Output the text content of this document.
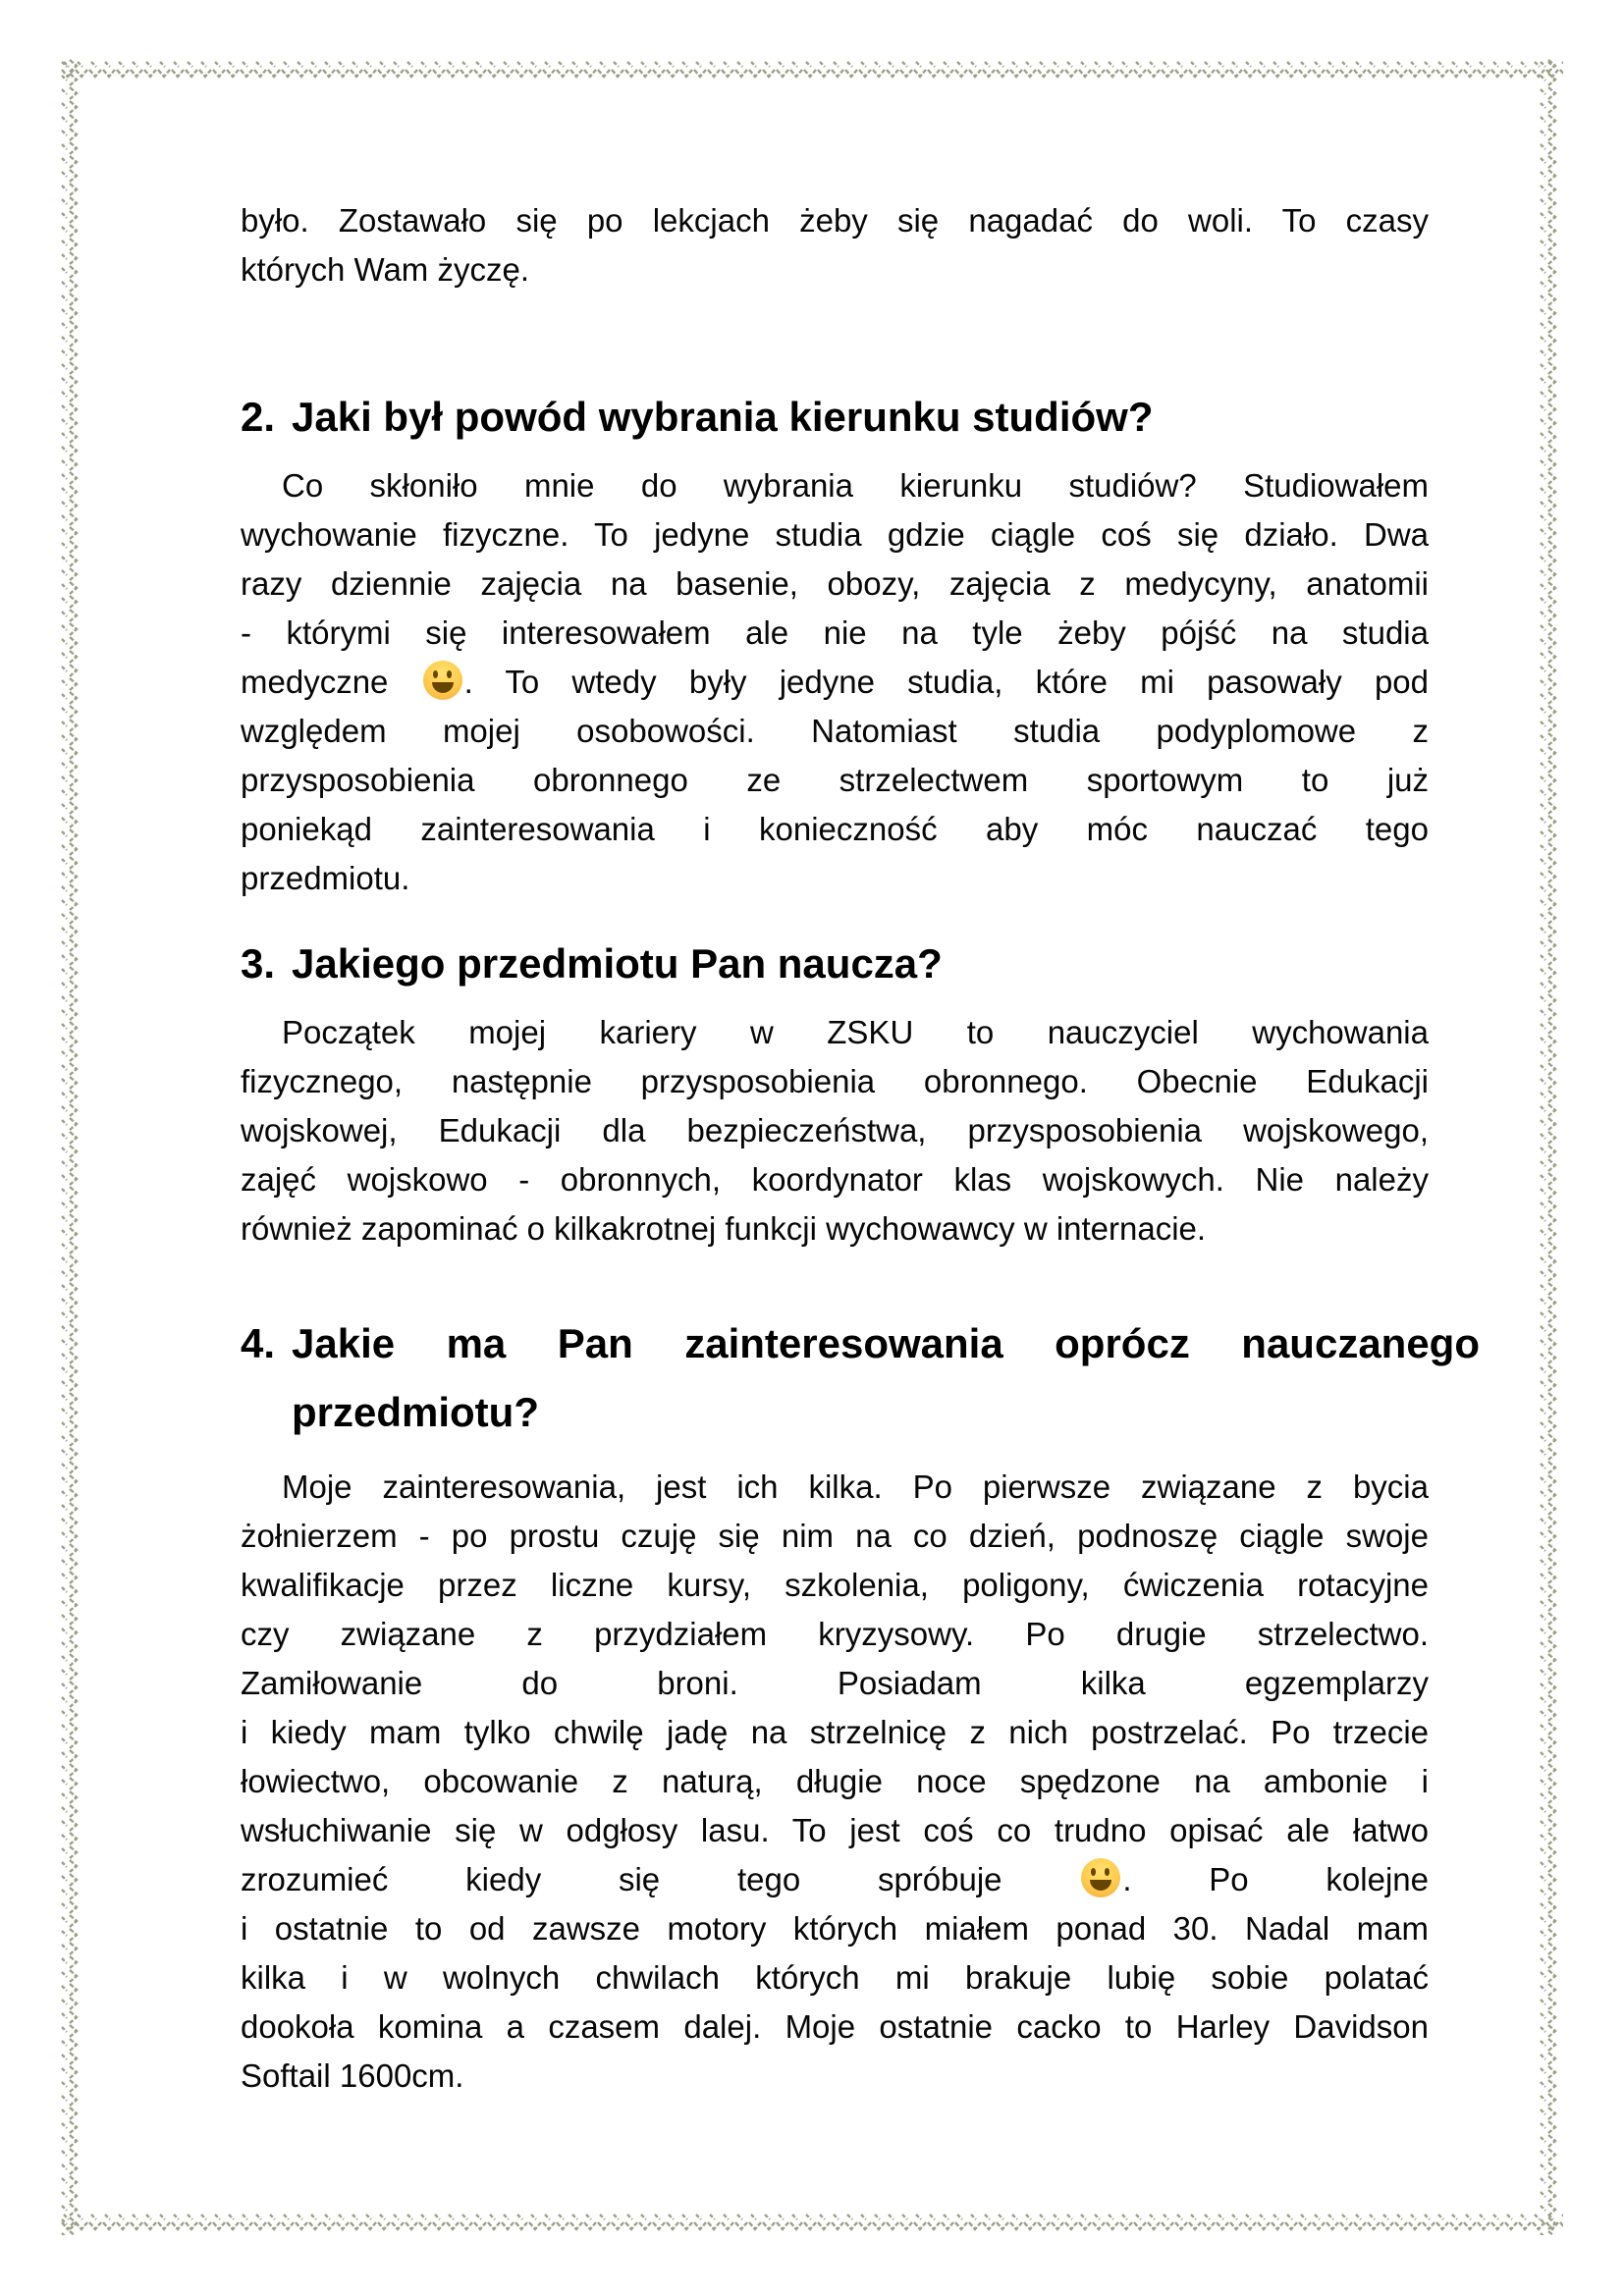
było. Zostawało się po lekcjach żeby się nagadać do woli. To czasy
których Wam życzę.
2. Jaki był powód wybrania kierunku studiów?
Co skłoniło mnie do wybrania kierunku studiów? Studiowałem
wychowanie fizyczne. To jedyne studia gdzie ciągle coś się działo. Dwa
razy dziennie zajęcia na basenie, obozy, zajęcia z medycyny, anatomii
- którymi się interesowałem ale nie na tyle żeby pójść na studia
medyczne . To wtedy były jedyne studia, które mi pasowały pod
względem mojej osobowości. Natomiast studia podyplomowe z
przysposobienia obronnego ze strzelectwem sportowym to już
poniekąd zainteresowania i konieczność aby móc nauczać tego
przedmiotu.
3. Jakiego przedmiotu Pan naucza?
Początek mojej kariery w ZSKU to nauczyciel wychowania
fizycznego, następnie przysposobienia obronnego. Obecnie Edukacji
wojskowej, Edukacji dla bezpieczeństwa, przysposobienia wojskowego,
zajęć wojskowo - obronnych, koordynator klas wojskowych. Nie należy
również zapominać o kilkakrotnej funkcji wychowawcy w internacie.
4. Jakie ma Pan zainteresowania oprócz nauczanego
przedmiotu?
Moje zainteresowania, jest ich kilka. Po pierwsze związane z bycia
żołnierzem - po prostu czuję się nim na co dzień, podnoszę ciągle swoje
kwalifikacje przez liczne kursy, szkolenia, poligony, ćwiczenia rotacyjne
czy związane z przydziałem kryzysowy. Po drugie strzelectwo.
Zamiłowanie do broni. Posiadam kilka egzemplarzy
i kiedy mam tylko chwilę jadę na strzelnicę z nich postrzelać. Po trzecie
łowiectwo, obcowanie z naturą, długie noce spędzone na ambonie i
wsłuchiwanie się w odgłosy lasu. To jest coś co trudno opisać ale łatwo
zrozumieć kiedy się tego spróbuje . Po kolejne
i ostatnie to od zawsze motory których miałem ponad 30. Nadal mam
kilka i w wolnych chwilach których mi brakuje lubię sobie polatać
dookoła komina a czasem dalej. Moje ostatnie cacko to Harley Davidson
Softail 1600cm.
